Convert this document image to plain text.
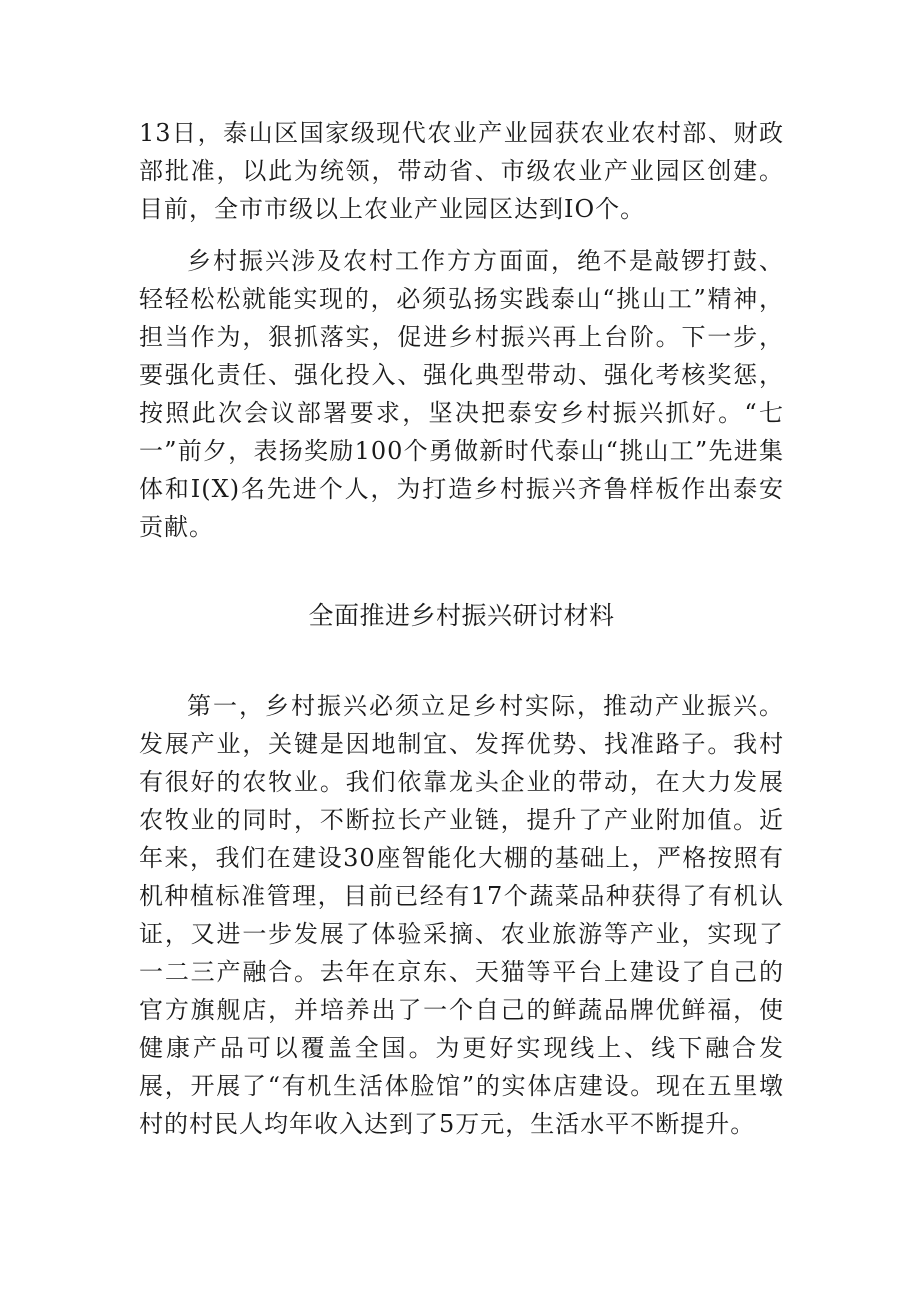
13日，泰山区国家级现代农业产业园获农业农村部、财政部批准，以此为统领，带动省、市级农业产业园区创建。目前，全市市级以上农业产业园区达到IO个。

乡村振兴涉及农村工作方方面面，绝不是敲锣打鼓、轻轻松松就能实现的，必须弘扬实践泰山“挑山工”精神，担当作为，狠抓落实，促进乡村振兴再上台阶。下一步，要强化责任、强化投入、强化典型带动、强化考核奖惩，按照此次会议部署要求，坚决把泰安乡村振兴抓好。“七一”前夕，表扬奖励100个勇做新时代泰山“挑山工”先进集体和I(X)名先进个人，为打造乡村振兴齐鲁样板作出泰安贡献。

全面推进乡村振兴研讨材料

第一，乡村振兴必须立足乡村实际，推动产业振兴。发展产业，关键是因地制宜、发挥优势、找准路子。我村有很好的农牧业。我们依靠龙头企业的带动，在大力发展农牧业的同时，不断拉长产业链，提升了产业附加值。近年来，我们在建设30座智能化大棚的基础上，严格按照有机种植标准管理，目前已经有17个蔬菜品种获得了有机认证，又进一步发展了体验采摘、农业旅游等产业，实现了一二三产融合。去年在京东、天猫等平台上建设了自己的官方旗舰店，并培养出了一个自己的鲜蔬品牌优鲜福，使健康产品可以覆盖全国。为更好实现线上、线下融合发展，开展了“有机生活体脸馆”的实体店建设。现在五里墩村的村民人均年收入达到了5万元，生活水平不断提升。
